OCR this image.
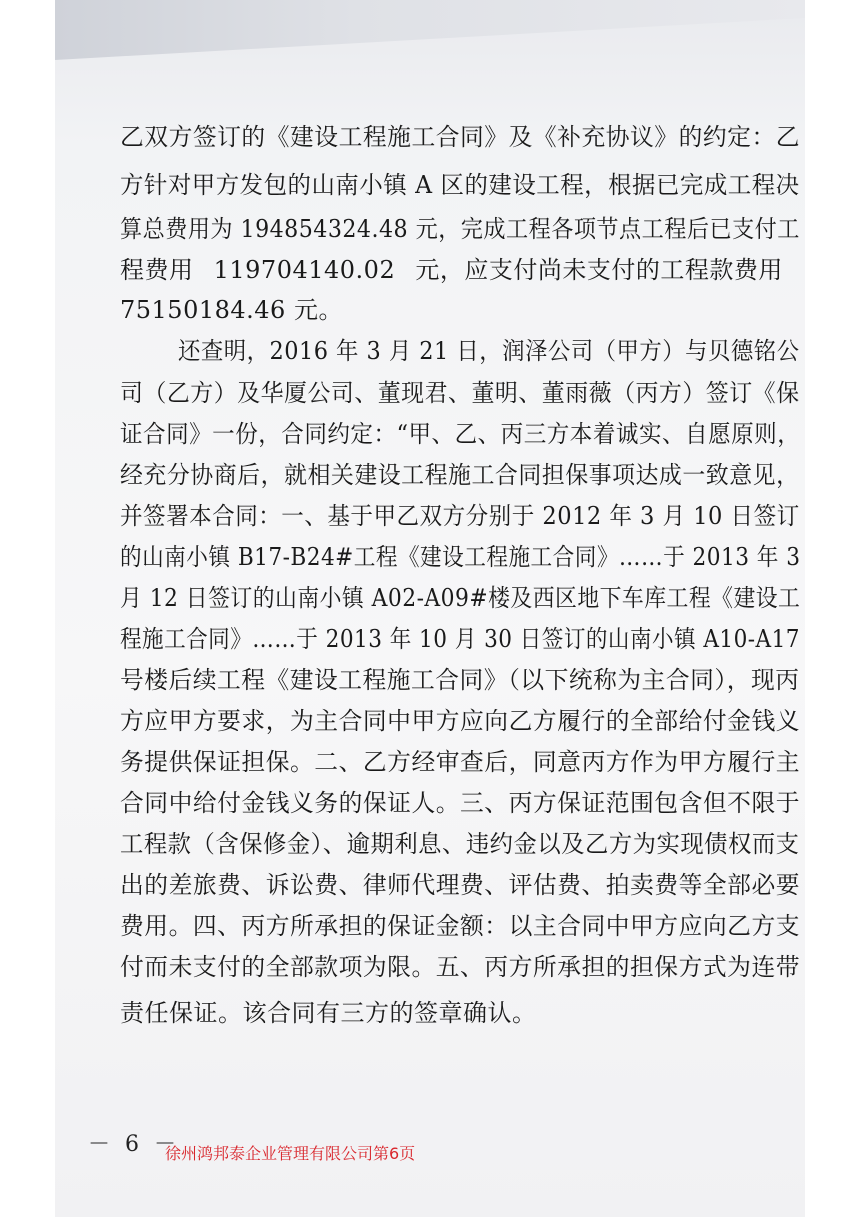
乙双方签订的《建设工程施工合同》及《补充协议》的约定：乙
方针对甲方发包的山南小镇 A 区的建设工程，根据已完成工程决
算总费用为 194854324.48 元，完成工程各项节点工程后已支付工
程费用 119704140.02 元，应支付尚未支付的工程款费用
75150184.46 元。
还查明，2016 年 3 月 21 日，润泽公司（甲方）与贝德铭公
司（乙方）及华厦公司、董现君、董明、董雨薇（丙方）签订《保
证合同》一份，合同约定：“甲、乙、丙三方本着诚实、自愿原则，
经充分协商后，就相关建设工程施工合同担保事项达成一致意见，
并签署本合同：一、基于甲乙双方分别于 2012 年 3 月 10 日签订
的山南小镇 B17-B24#工程《建设工程施工合同》……于 2013 年 3
月 12 日签订的山南小镇 A02-A09#楼及西区地下车库工程《建设工
程施工合同》……于 2013 年 10 月 30 日签订的山南小镇 A10-A17
号楼后续工程《建设工程施工合同》（以下统称为主合同），现丙
方应甲方要求，为主合同中甲方应向乙方履行的全部给付金钱义
务提供保证担保。二、乙方经审查后，同意丙方作为甲方履行主
合同中给付金钱义务的保证人。三、丙方保证范围包含但不限于
工程款（含保修金）、逾期利息、违约金以及乙方为实现债权而支
出的差旅费、诉讼费、律师代理费、评估费、拍卖费等全部必要
费用。四、丙方所承担的保证金额：以主合同中甲方应向乙方支
付而未支付的全部款项为限。五、丙方所承担的担保方式为连带
责任保证。该合同有三方的签章确认。
－ 6 －
徐州鸿邦泰企业管理有限公司第6页
